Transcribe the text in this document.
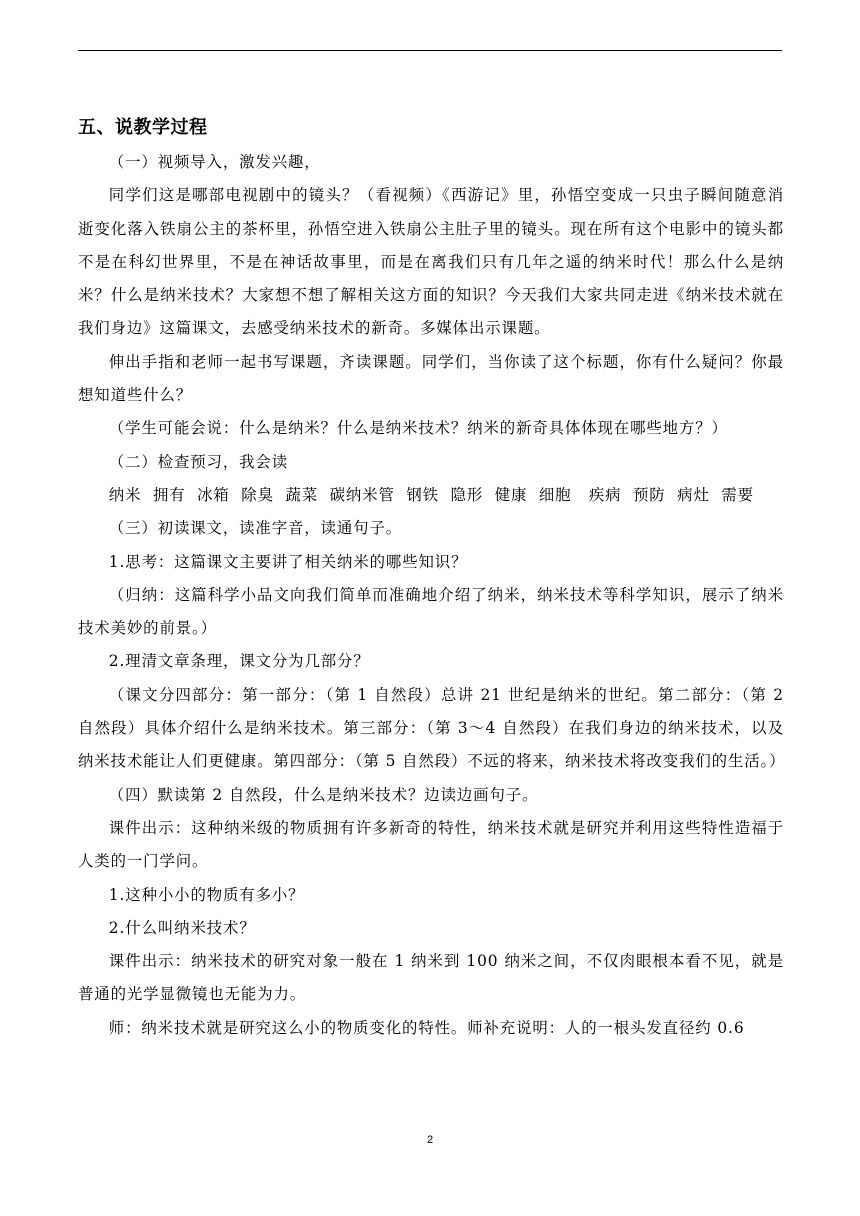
五、说教学过程

（一）视频导入，激发兴趣，

同学们这是哪部电视剧中的镜头？（看视频）《西游记》里，孙悟空变成一只虫子瞬间随意消逝变化落入铁扇公主的茶杯里，孙悟空进入铁扇公主肚子里的镜头。现在所有这个电影中的镜头都不是在科幻世界里，不是在神话故事里，而是在离我们只有几年之遥的纳米时代！那么什么是纳米？什么是纳米技术？大家想不想了解相关这方面的知识？今天我们大家共同走进《纳米技术就在我们身边》这篇课文，去感受纳米技术的新奇。多媒体出示课题。

伸出手指和老师一起书写课题，齐读课题。同学们，当你读了这个标题，你有什么疑问？你最想知道些什么？

（学生可能会说：什么是纳米？什么是纳米技术？纳米的新奇具体体现在哪些地方？）

（二）检查预习，我会读

纳米  拥有  冰箱  除臭  蔬菜  碳纳米管  钢铁  隐形  健康  细胞   疾病  预防  病灶  需要

（三）初读课文，读准字音，读通句子。

1.思考：这篇课文主要讲了相关纳米的哪些知识？

（归纳：这篇科学小品文向我们简单而准确地介绍了纳米，纳米技术等科学知识，展示了纳米技术美妙的前景。）

2.理清文章条理，课文分为几部分？

（课文分四部分：第一部分：（第 1 自然段）总讲 21 世纪是纳米的世纪。第二部分：（第 2 自然段）具体介绍什么是纳米技术。第三部分：（第 3～4 自然段）在我们身边的纳米技术，以及纳米技术能让人们更健康。第四部分：（第 5 自然段）不远的将来，纳米技术将改变我们的生活。）

（四）默读第 2 自然段，什么是纳米技术？边读边画句子。

课件出示：这种纳米级的物质拥有许多新奇的特性，纳米技术就是研究并利用这些特性造福于人类的一门学问。

1.这种小小的物质有多小？

2.什么叫纳米技术？

课件出示：纳米技术的研究对象一般在 1 纳米到 100 纳米之间，不仅肉眼根本看不见，就是普通的光学显微镜也无能为力。

师：纳米技术就是研究这么小的物质变化的特性。师补充说明：人的一根头发直径约 0.6

2
